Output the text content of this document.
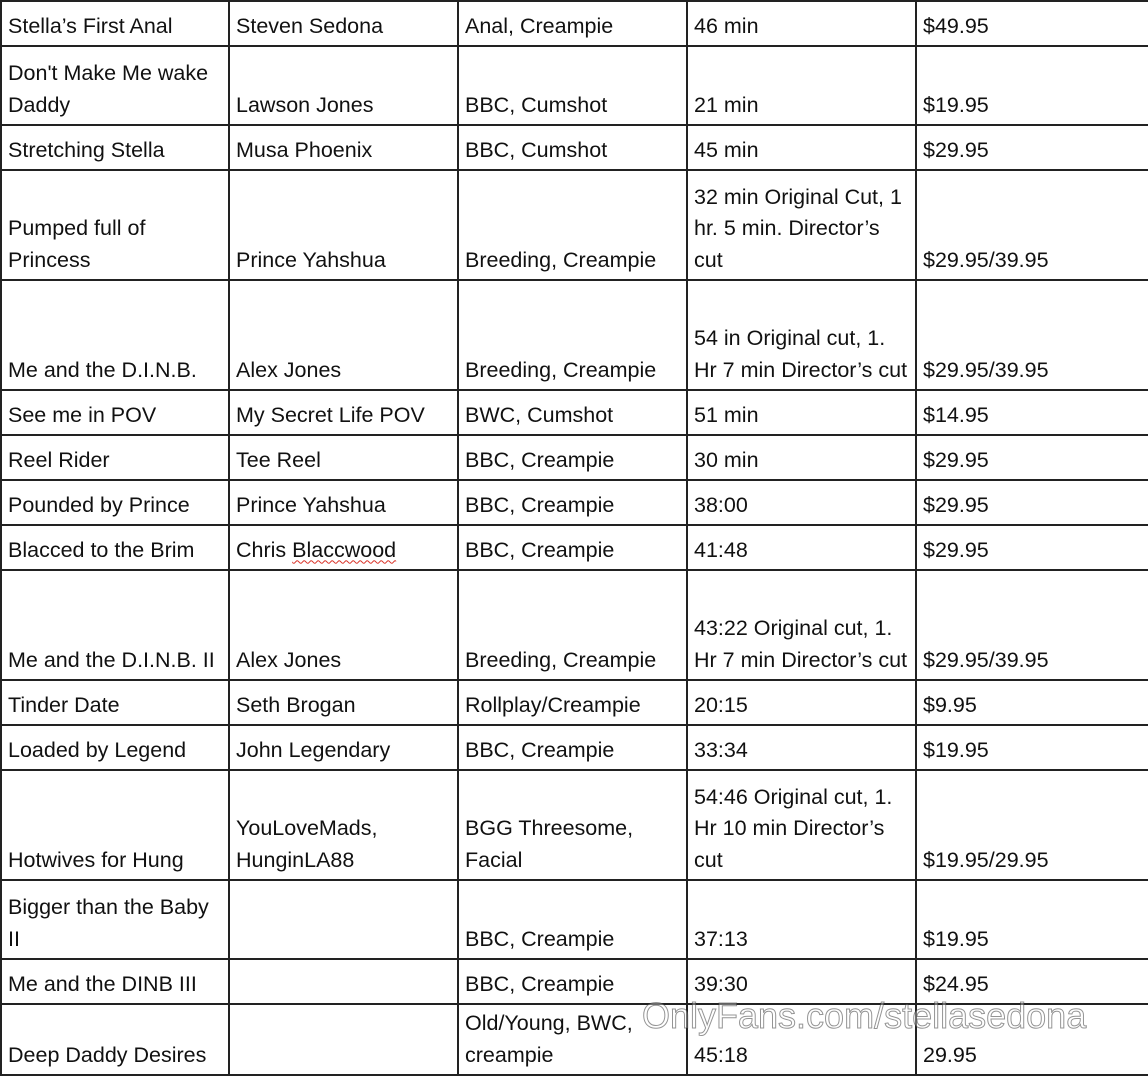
Stella’s First Anal	Steven Sedona	Anal, Creampie	46 min	$49.95

Don't Make Me wake Daddy	Lawson Jones	BBC, Cumshot	21 min	$19.95

Stretching Stella	Musa Phoenix	BBC, Cumshot	45 min	$29.95

Pumped full of Princess	Prince Yahshua	Breeding, Creampie	32 min Original Cut, 1 hr. 5 min. Director’s cut	$29.95/39.95

Me and the D.I.N.B.	Alex Jones	Breeding, Creampie	54 in Original cut, 1. Hr 7 min Director’s cut	$29.95/39.95

See me in POV	My Secret Life POV	BWC, Cumshot	51 min	$14.95

Reel Rider	Tee Reel	BBC, Creampie	30 min	$29.95

Pounded by Prince	Prince Yahshua	BBC, Creampie	38:00	$29.95

Blacced to the Brim	Chris Blaccwood	BBC, Creampie	41:48	$29.95

Me and the D.I.N.B. II	Alex Jones	Breeding, Creampie	43:22 Original cut, 1. Hr 7 min Director’s cut	$29.95/39.95

Tinder Date	Seth Brogan	Rollplay/Creampie	20:15	$9.95

Loaded by Legend	John Legendary	BBC, Creampie	33:34	$19.95

Hotwives for Hung	YouLoveMads, HunginLA88	BGG Threesome, Facial	54:46 Original cut, 1. Hr 10 min Director’s cut	$19.95/29.95

Bigger than the Baby II		BBC, Creampie	37:13	$19.95

Me and the DINB III		BBC, Creampie	39:30	$24.95

Deep Daddy Desires		Old/Young, BWC, creampie	45:18	29.95
OnlyFans.com/stellasedona
